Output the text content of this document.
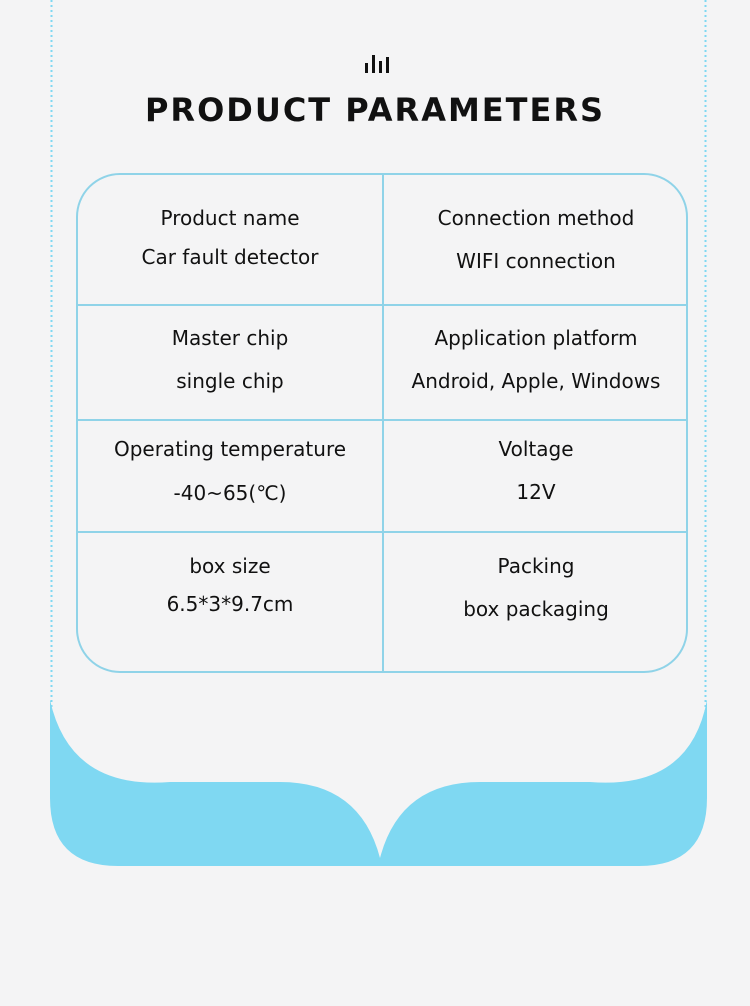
PRODUCT PARAMETERS
Product name
Car fault detector
Connection method
WIFI connection
Master chip
single chip
Application platform
Android, Apple, Windows
Operating temperature
-40~65(℃)
Voltage
12V
box size
6.5*3*9.7cm
Packing
box packaging
